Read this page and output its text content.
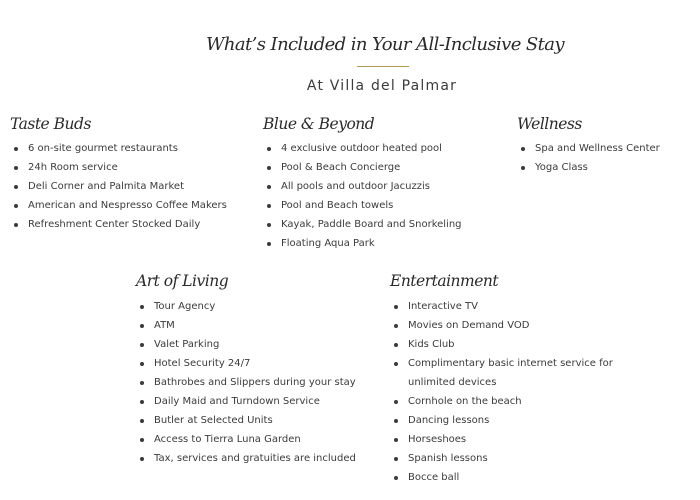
What’s Included in Your All-Inclusive Stay
At Villa del Palmar
Taste Buds
6 on-site gourmet restaurants
24h Room service
Deli Corner and Palmita Market
American and Nespresso Coffee Makers
Refreshment Center Stocked Daily
Blue & Beyond
4 exclusive outdoor heated pool
Pool & Beach Concierge
All pools and outdoor Jacuzzis
Pool and Beach towels
Kayak, Paddle Board and Snorkeling
Floating Aqua Park
Wellness
Spa and Wellness Center
Yoga Class
Art of Living
Tour Agency
ATM
Valet Parking
Hotel Security 24/7
Bathrobes and Slippers during your stay
Daily Maid and Turndown Service
Butler at Selected Units
Access to Tierra Luna Garden
Tax, services and gratuities are included
Entertainment
Interactive TV
Movies on Demand VOD
Kids Club
Complimentary basic internet service for unlimited devices
Cornhole on the beach
Dancing lessons
Horseshoes
Spanish lessons
Bocce ball
